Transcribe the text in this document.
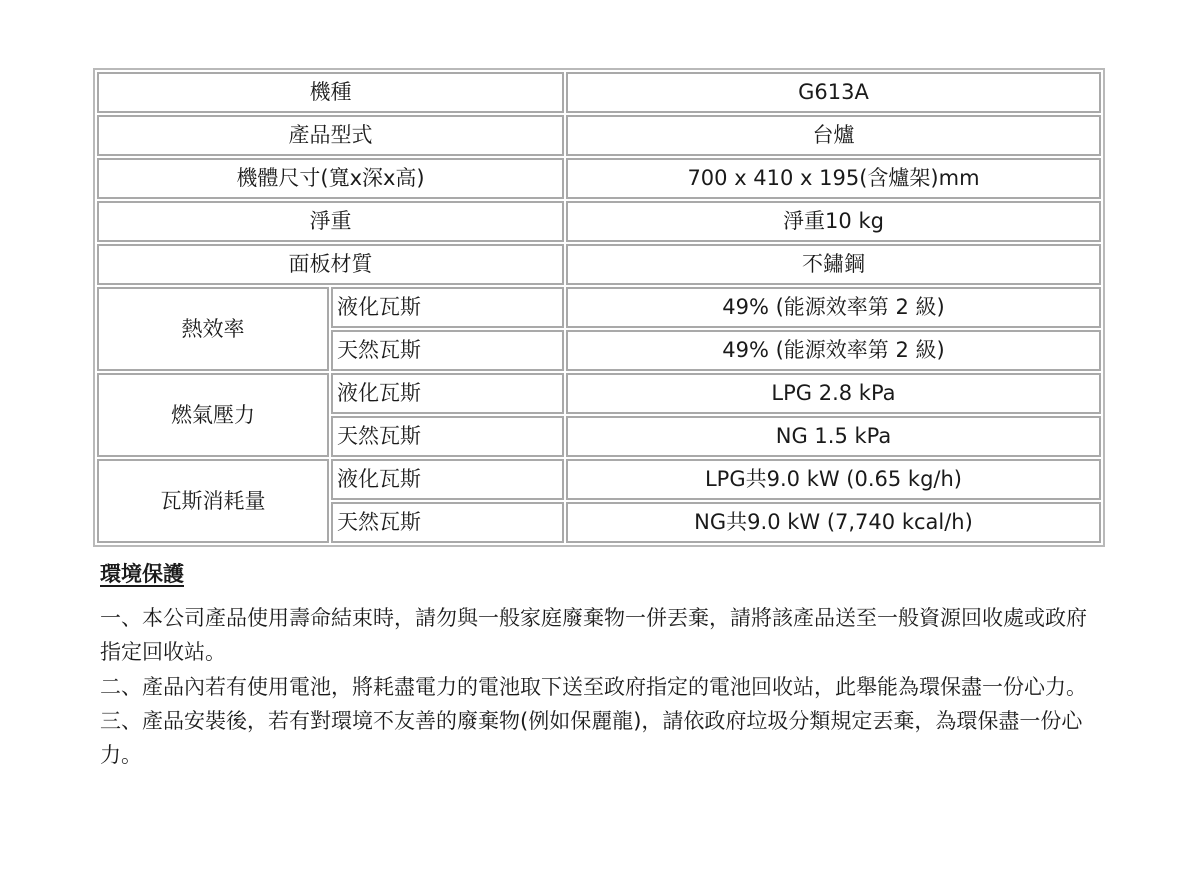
機種		G613A
產品型式		台爐
機體尺寸(寬x深x高)		700 x 410 x 195(含爐架)mm
淨重		淨重10 kg
面板材質		不鏽鋼
熱效率	液化瓦斯	49% (能源效率第 2 級)
	天然瓦斯	49% (能源效率第 2 級)
燃氣壓力	液化瓦斯	LPG 2.8 kPa
	天然瓦斯	NG 1.5 kPa
瓦斯消耗量	液化瓦斯	LPG共9.0 kW (0.65 kg/h)
	天然瓦斯	NG共9.0 kW (7,740 kcal/h)
環境保護

一、本公司產品使用壽命結束時，請勿與一般家庭廢棄物一併丟棄，請將該產品送至一般資源回收處或政府指定回收站。

二、產品內若有使用電池，將耗盡電力的電池取下送至政府指定的電池回收站，此舉能為環保盡一份心力。

三、產品安裝後，若有對環境不友善的廢棄物(例如保麗龍)，請依政府垃圾分類規定丟棄，為環保盡一份心力。
